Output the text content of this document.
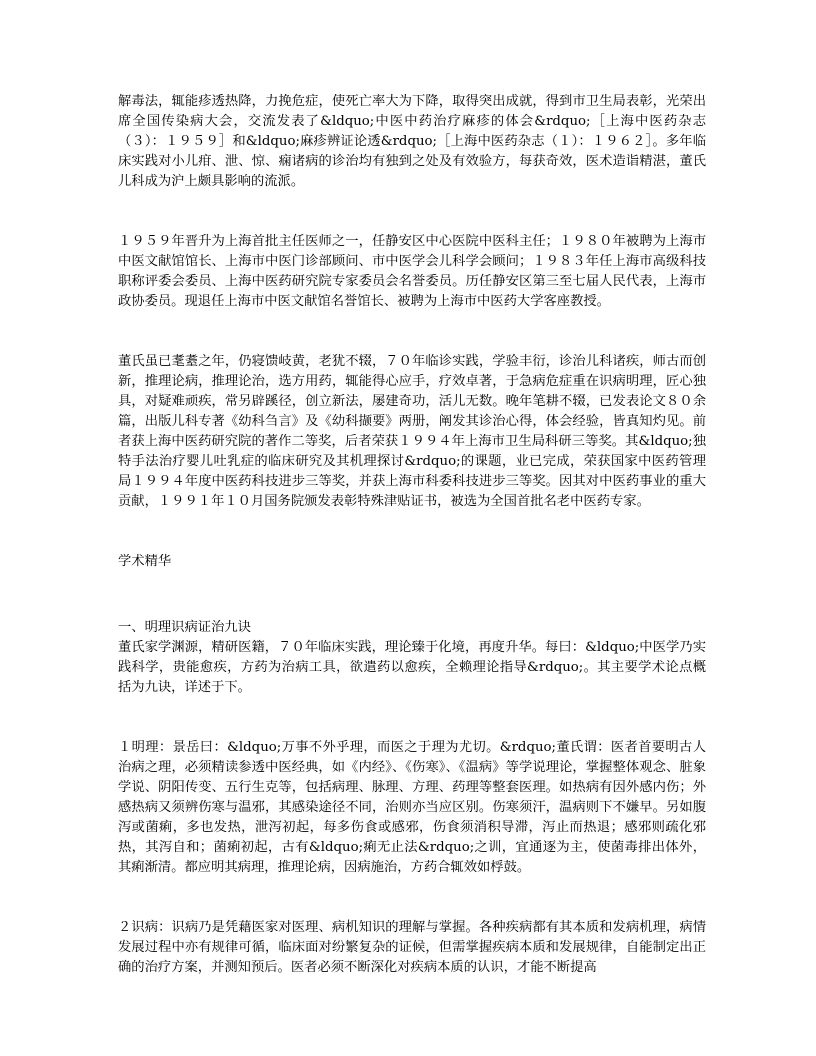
解毒法，辄能疹透热降，力挽危症，使死亡率大为下降，取得突出成就，得到市卫生局表彰，光荣出席全国传染病大会，交流发表了&ldquo;中医中药治疗麻疹的体会&rdquo;［上海中医药杂志（３）：１９５９］和&ldquo;麻疹辨证论透&rdquo;［上海中医药杂志（１）：１９６２］。多年临床实践对小儿疳、泄、惊、痫诸病的诊治均有独到之处及有效验方，每获奇效，医术造诣精湛，董氏儿科成为沪上颇具影响的流派。

１９５９年晋升为上海首批主任医师之一，任静安区中心医院中医科主任；１９８０年被聘为上海市中医文献馆馆长、上海市中医门诊部顾问、市中医学会儿科学会顾问；１９８３年任上海市高级科技职称评委会委员、上海中医药研究院专家委员会名誉委员。历任静安区第三至七届人民代表，上海市政协委员。现退任上海市中医文献馆名誉馆长、被聘为上海市中医药大学客座教授。

董氏虽已耄耋之年，仍寝馈岐黄，老犹不辍，７０年临诊实践，学验丰衍，诊治儿科诸疾，师古而创新，推理论病，推理论治，选方用药，辄能得心应手，疗效卓著，于急病危症重在识病明理，匠心独具，对疑难顽疾，常另辟蹊径，创立新法，屡建奇功，活儿无数。晚年笔耕不辍，已发表论文８０余篇，出版儿科专著《幼科刍言》及《幼科撷要》两册，阐发其诊治心得，体会经验，皆真知灼见。前者获上海中医药研究院的著作二等奖，后者荣获１９９４年上海市卫生局科研三等奖。其&ldquo;独特手法治疗婴儿吐乳症的临床研究及其机理探讨&rdquo;的课题，业已完成，荣获国家中医药管理局１９９４年度中医药科技进步三等奖，并获上海市科委科技进步三等奖。因其对中医药事业的重大贡献，１９９１年１０月国务院颁发表彰特殊津贴证书，被选为全国首批名老中医药专家。

学术精华

一、明理识病证治九诀

董氏家学渊源，精研医籍，７０年临床实践，理论臻于化境，再度升华。每曰：&ldquo;中医学乃实践科学，贵能愈疾，方药为治病工具，欲遣药以愈疾，全赖理论指导&rdquo;。其主要学术论点概括为九诀，详述于下。

１明理：景岳曰：&ldquo;万事不外乎理，而医之于理为尤切。&rdquo;董氏谓：医者首要明古人治病之理，必须精读参透中医经典，如《内经》、《伤寒》、《温病》等学说理论，掌握整体观念、脏象学说、阴阳传变、五行生克等，包括病理、脉理、方理、药理等整套医理。如热病有因外感内伤；外感热病又须辨伤寒与温邪，其感染途径不同，治则亦当应区别。伤寒须汗，温病则下不嫌早。另如腹泻或菌痢，多也发热，泄泻初起，每多伤食或感邪，伤食须消积导滞，泻止而热退；感邪则疏化邪热，其泻自和；菌痢初起，古有&ldquo;痢无止法&rdquo;之训，宜通逐为主，使菌毒排出体外，其痢渐清。都应明其病理，推理论病，因病施治，方药合辄效如桴鼓。

２识病：识病乃是凭藉医家对医理、病机知识的理解与掌握。各种疾病都有其本质和发病机理，病情发展过程中亦有规律可循，临床面对纷繁复杂的证候，但需掌握疾病本质和发展规律，自能制定出正确的治疗方案，并测知预后。医者必须不断深化对疾病本质的认识，才能不断提高
